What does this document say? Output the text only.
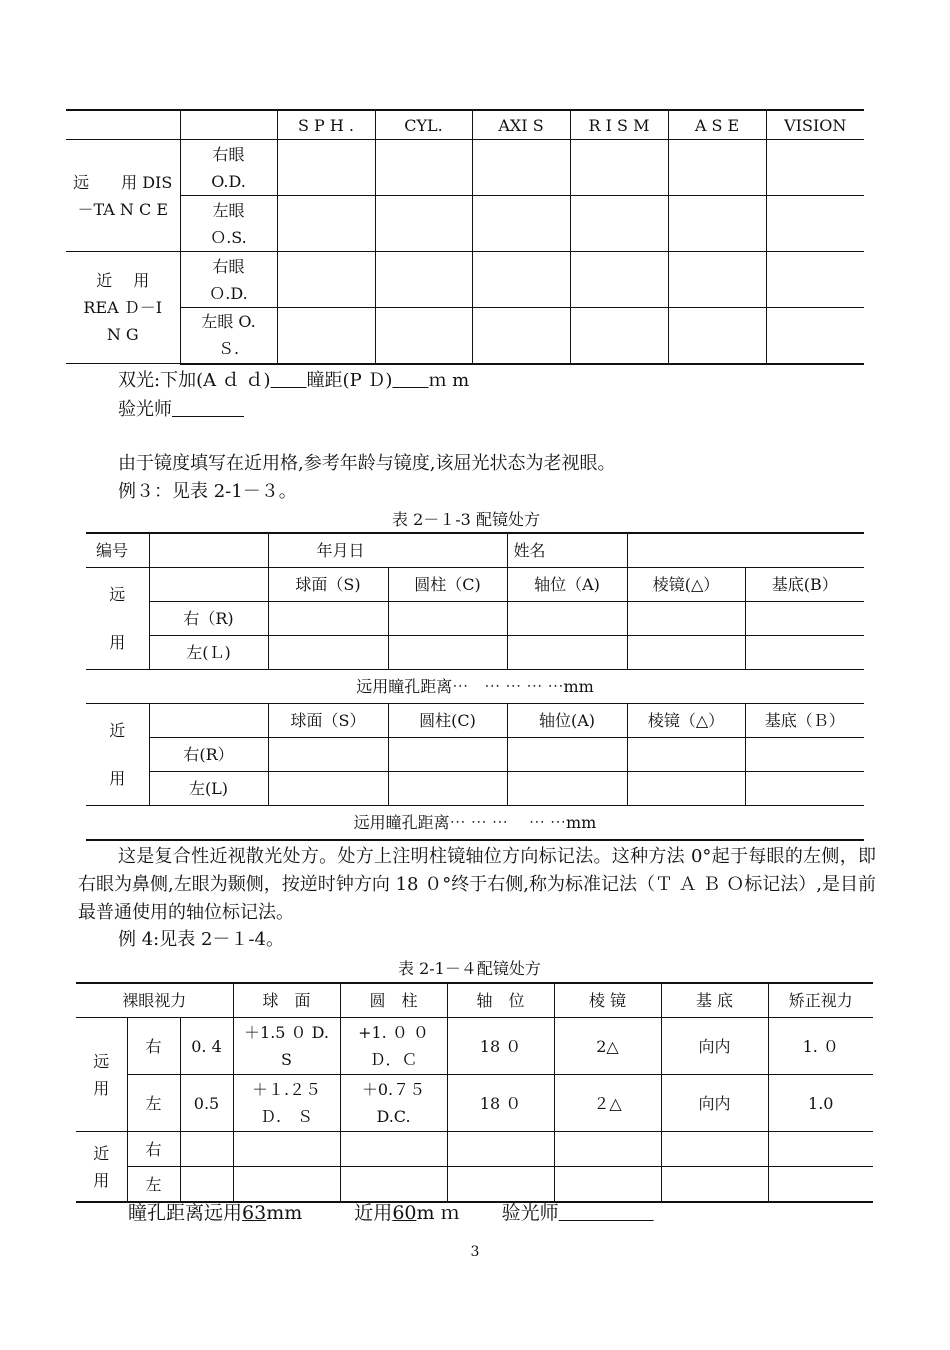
		S P H .	CYL.	AXI S	R I S M	A S E	VISION
远　　用 DIS－TA N C E	右眼 O.D.						
	左眼 Ｏ.S.						
近　 用 REA Ｄ－I N G	右眼 Ｏ.D.						
	左眼 O. Ｓ.						
双光:下加(A ｄ ｄ)　　 瞳距(P Ｄ)　　 ｍ m
验光师　　　　
由于镜度填写在近用格,参考年龄与镜度,该屈光状态为老视眼。
例３：见表 2-1－３。
表 2－１-3 配镜处方
编号		年月日		姓名		
远

用		球面（S)	圆柱（C)	轴位（A)	棱镜(△）	基底(B）
	右（R)					
	左(Ｌ)					
远用瞳孔距离⋯　⋯ ⋯ ⋯ ⋯mm						
近

用		球面（S）	圆柱(C)	轴位(A)	棱镜（△）	基底（Ｂ）
	右(R）					
	左(L)					
远用瞳孔距离⋯ ⋯ ⋯　 ⋯ ⋯mm						
这是复合性近视散光处方。处方上注明柱镜轴位方向标记法。这种方法 0°起于每眼的左侧，即右眼为鼻侧,左眼为颞侧，按逆时钟方向 18 ０°终于右侧,称为标准记法（Ｔ Ａ Ｂ Ｏ标记法）,是目前最普通使用的轴位标记法。
例 4:见表 2－１-4。
表 2-1－４配镜处方
裸眼视力			球　面	圆　柱	轴　位	棱 镜	基 底	矫正视力
远
用	右	0. 4	＋1.5 ０ D. S	+1. ０ ０ Ｄ．Ｃ	18 ０	2△	向内	1. ０
	左	0.5	＋１.２５ Ｄ.　Ｓ	＋0.７５ D.C.	18 ０	２△	向内	1.0
近
用	右							
	左							
瞳孔距离远用63mm	近用60m ｍ 验光师　　　　　
3
